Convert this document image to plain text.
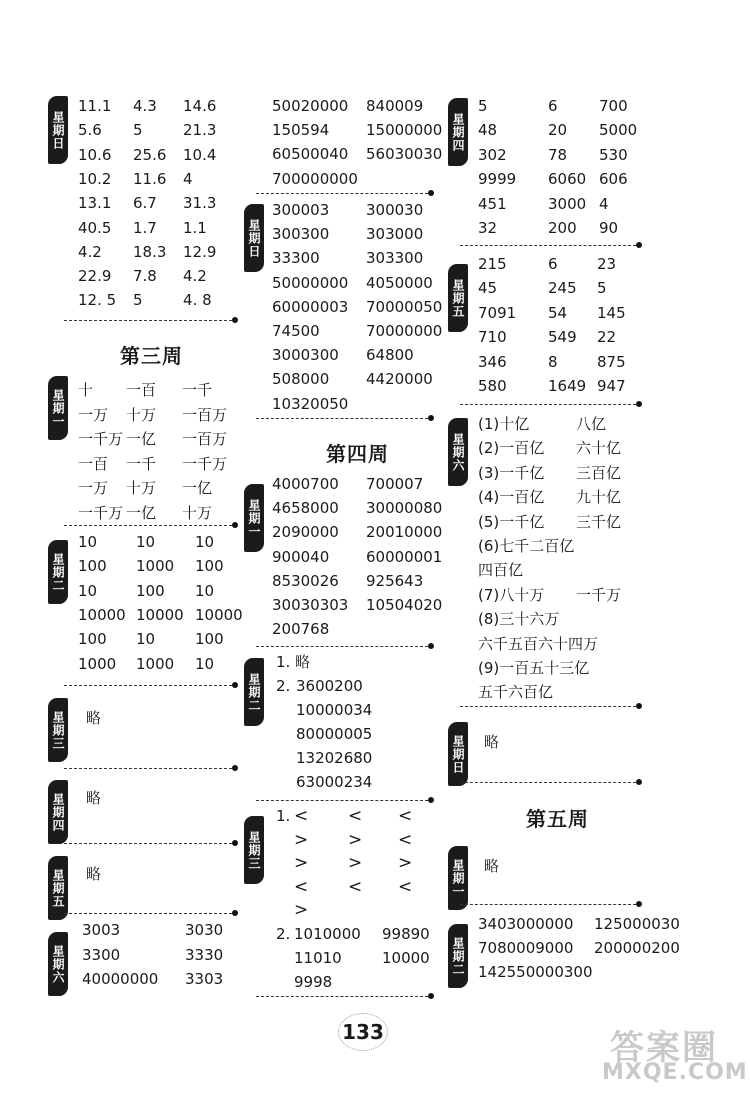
星期日
11.1 4.3 14.6
5.6 5	21.3
10.6 25.6 10.4
10.2 11.6 4
13.1 6.7 31.3
40.5 1.7 1.1
4.2 18.3 12.9
22.9 7.8 4.2
12. 5 5	4. 8
第三周
星期一 十 一百 一千
一万 十万 一百万
一千万 一亿 一百万
一百 一千 一千万
一万 十万 一亿
一千万 一亿 十万
星期二
10	10	10
100 1000 100
10	100 10
10000 10000 10000
100 10	100
1000 1000 10
星期三 略
星期四 略
星期五 略
星期六
3003	3030
3300	3330
40000000 3303
50020000 840009
150594 15000000
60500040 56030030
700000000
星期日
300003 300030
300300 303000
33300	303300
50000000 4050000
60000003 70000050
74500	70000000
3000300 64800
508000 4420000
10320050
第四周
星期一
4000700 700007
4658000 30000080
2090000 20010000
900040 60000001
8530026 925643
30030303 10504020
200768
星期二
1. 略
2. 3600200
10000034
80000005
13202680
63000234
星期三
1. < < <
> > <
> > >
< < <
>
2. 1010000 99890
11010	10000
9998
星期四
5	6	700
48	20 5000
302	78 530
9999 6060 606
451	3000 4
32	200 90
星期五
215	6	23
45	245 5
7091 54 145
710	549 22
346	8	875
580	1649 947
星期六
(1)十亿	八亿
(2)一百亿 六十亿
(3)一千亿 三百亿
(4)一百亿 九十亿
(5)一千亿 三千亿
(6)七千二百亿
四百亿
(7)八十万 一千万
(8)三十六万
六千五百六十四万
(9)一百五十三亿
五千六百亿
星期日 略
第五周
星期一 略
星期二
3403000000 125000030
7080009000 200000200
142550000300
133	答案圈
MXQE.COM
